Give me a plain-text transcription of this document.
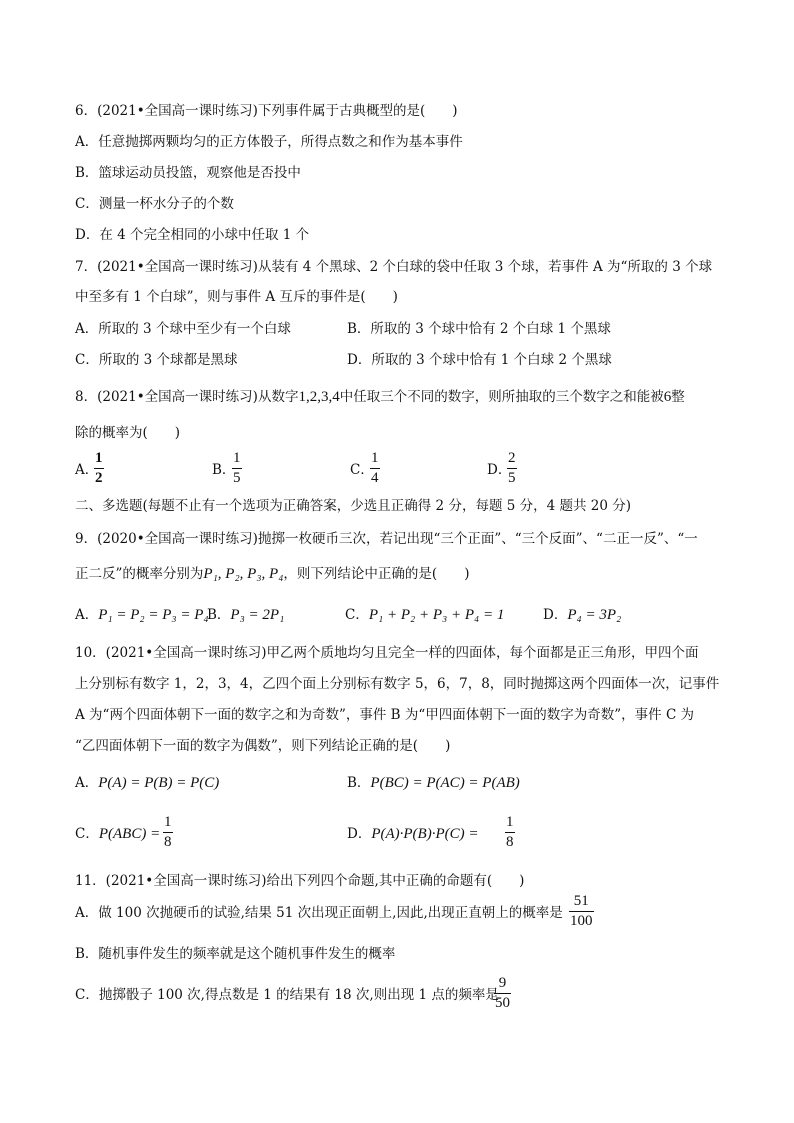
6．(2021•全国高一课时练习)下列事件属于古典概型的是(　　)
A．任意抛掷两颗均匀的正方体骰子，所得点数之和作为基本事件
B．篮球运动员投篮，观察他是否投中
C．测量一杯水分子的个数
D．在 4 个完全相同的小球中任取 1 个
7．(2021•全国高一课时练习)从装有 4 个黑球、2 个白球的袋中任取 3 个球，若事件 A 为“所取的 3 个球
中至多有 1 个白球”，则与事件 A 互斥的事件是(　　)
A．所取的 3 个球中至少有一个白球	B．所取的 3 个球中恰有 2 个白球 1 个黑球
C．所取的 3 个球都是黑球	D．所取的 3 个球中恰有 1 个白球 2 个黑球
8．(2021•全国高一课时练习)从数字1,2,3,4中任取三个不同的数字，则所抽取的三个数字之和能被6整
除的概率为(　　)
A．
1
2	B．
1
5	C．
1
4	D．
2
5
二、多选题(每题不止有一个选项为正确答案，少选且正确得 2 分，每题 5 分，4 题共 20 分)
9．(2020•全国高一课时练习)抛掷一枚硬币三次，若记出现“三个正面”、“三个反面”、“二正一反”、“一
正二反”的概率分别为P₁, P₂, P₃, P₄，则下列结论中正确的是(　　)
A．P₁ = P₂ = P₃ = P₄
B．P₃ = 2P₁	C．P₁ + P₂ + P₃ + P₄ = 1	D．P₄ = 3P₂
10．(2021•全国高一课时练习)甲乙两个质地均匀且完全一样的四面体，每个面都是正三角形，甲四个面
上分别标有数字 1，2，3，4，乙四个面上分别标有数字 5，6，7，8，同时抛掷这两个四面体一次，记事件
A 为“两个四面体朝下一面的数字之和为奇数”，事件 B 为“甲四面体朝下一面的数字为奇数”，事件 C 为
“乙四面体朝下一面的数字为偶数”，则下列结论正确的是(　　)
A．P(A) = P(B) = P(C)	B．P(BC) = P(AC) = P(AB)
C．P(ABC) =
1
8	D．P(A)·P(B)·P(C) =
1
8
11．(2021•全国高一课时练习)给出下列四个命题,其中正确的命题有(　　)
A．做 100 次抛硬币的试验,结果 51 次出现正面朝上,因此,出现正直朝上的概率是
51
100
B．随机事件发生的频率就是这个随机事件发生的概率
C．抛掷骰子 100 次,得点数是 1 的结果有 18 次,则出现 1 点的频率是
9
50
